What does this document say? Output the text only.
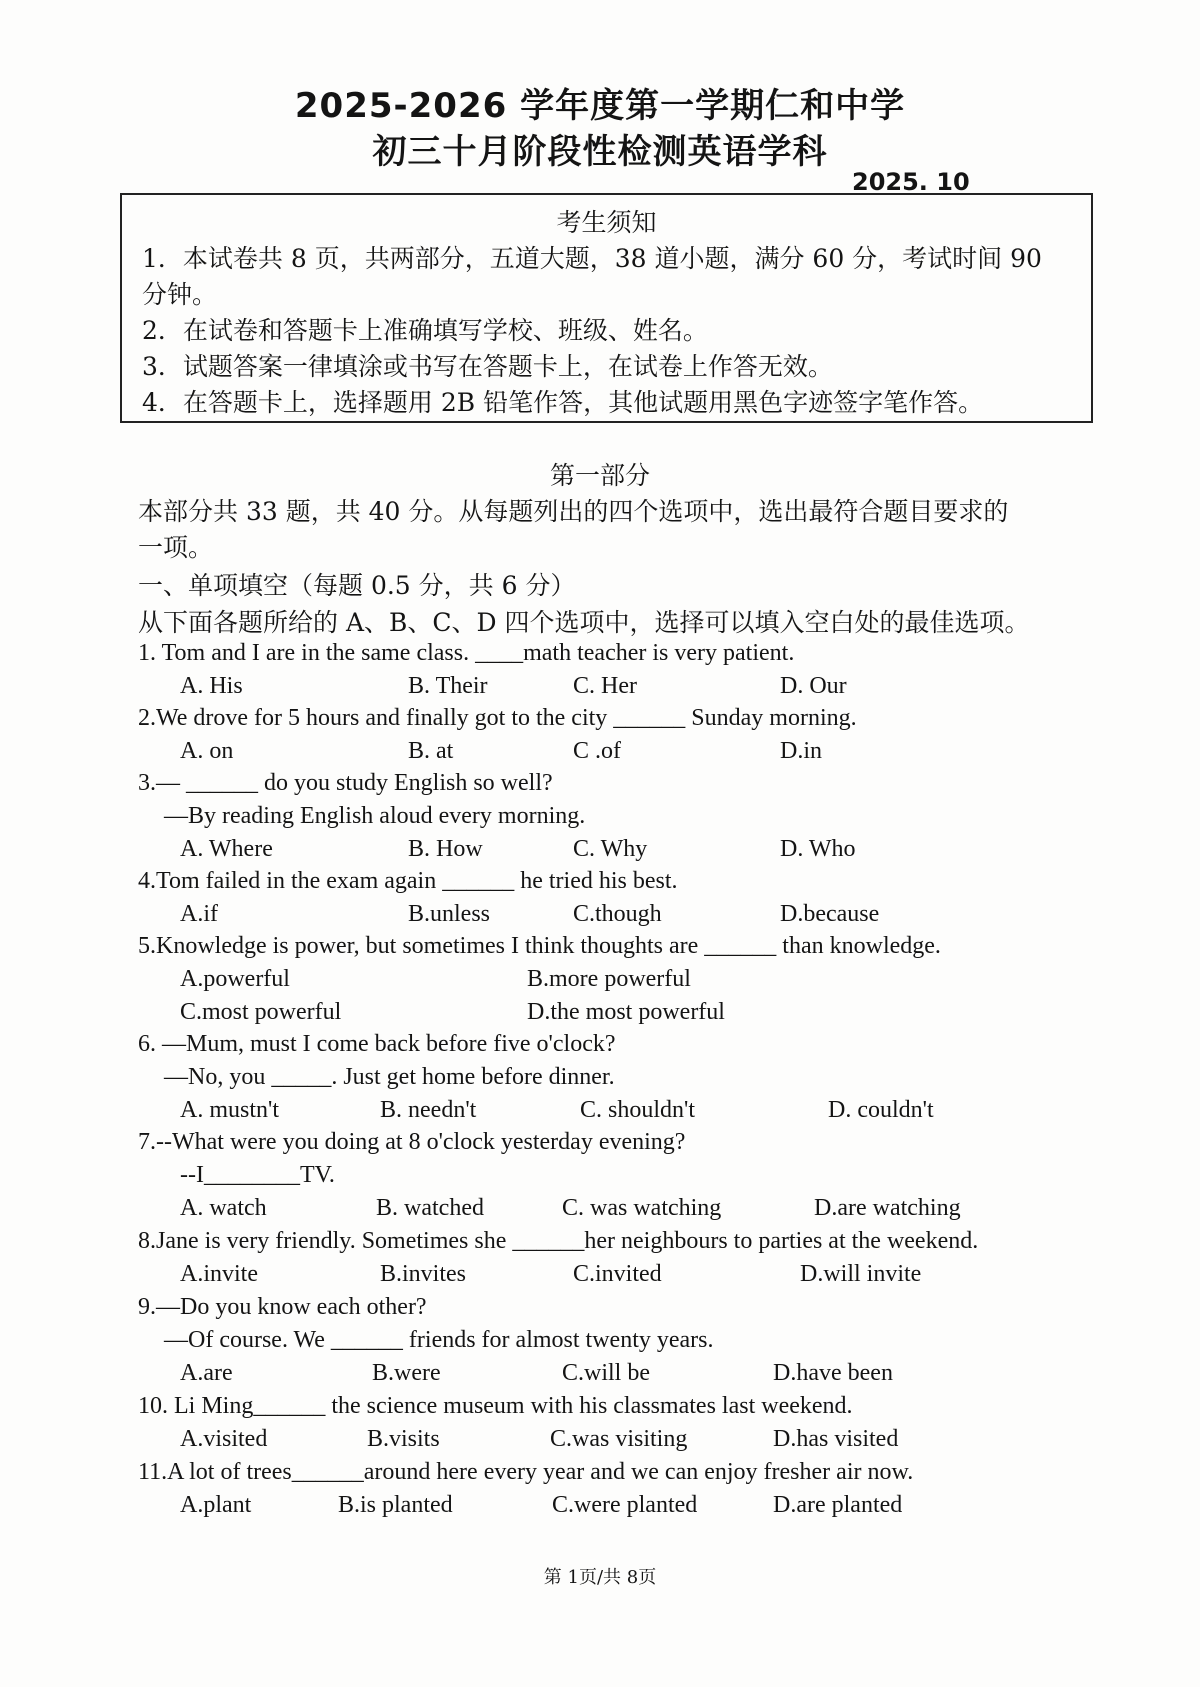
2025-2026 学年度第一学期仁和中学
初三十月阶段性检测英语学科
2025. 10
考生须知
1．本试卷共 8 页，共两部分，五道大题，38 道小题，满分 60 分，考试时间 90
分钟。
2．在试卷和答题卡上准确填写学校、班级、姓名。
3．试题答案一律填涂或书写在答题卡上，在试卷上作答无效。
4．在答题卡上，选择题用 2B 铅笔作答，其他试题用黑色字迹签字笔作答。
第一部分
本部分共 33 题，共 40 分。从每题列出的四个选项中，选出最符合题目要求的
一项。
一、单项填空（每题 0.5 分，共 6 分）
从下面各题所给的 A、B、C、D 四个选项中，选择可以填入空白处的最佳选项。
1. Tom and I are in the same class. ____math teacher is very patient.
A. His	B. Their	C. Her	D. Our
2.We drove for 5 hours and finally got to the city ______ Sunday morning.
A. on	B. at	C .of	D.in
3.— ______ do you study English so well?
—By reading English aloud every morning.
A. Where	B. How	C. Why	D. Who
4.Tom failed in the exam again ______ he tried his best.
A.if	B.unless	C.though	D.because
5.Knowledge is power, but sometimes I think thoughts are ______ than knowledge.
A.powerful	B.more powerful
C.most powerful	D.the most powerful
6. —Mum, must I come back before five o'clock?
—No, you _____. Just get home before dinner.
A. mustn't	B. needn't	C. shouldn't	D. couldn't
7.--What were you doing at 8 o'clock yesterday evening?
--I________TV.
A. watch	B. watched	C. was watching	D.are watching
8.Jane is very friendly. Sometimes she ______her neighbours to parties at the weekend.
A.invite	B.invites	C.invited	D.will invite
9.—Do you know each other?
—Of course. We ______ friends for almost twenty years.
A.are	B.were	C.will be	D.have been
10. Li Ming______ the science museum with his classmates last weekend.
A.visited	B.visits	C.was visiting	D.has visited
11.A lot of trees______around here every year and we can enjoy fresher air now.
A.plant	B.is planted	C.were planted	D.are planted
第 1页/共 8页
